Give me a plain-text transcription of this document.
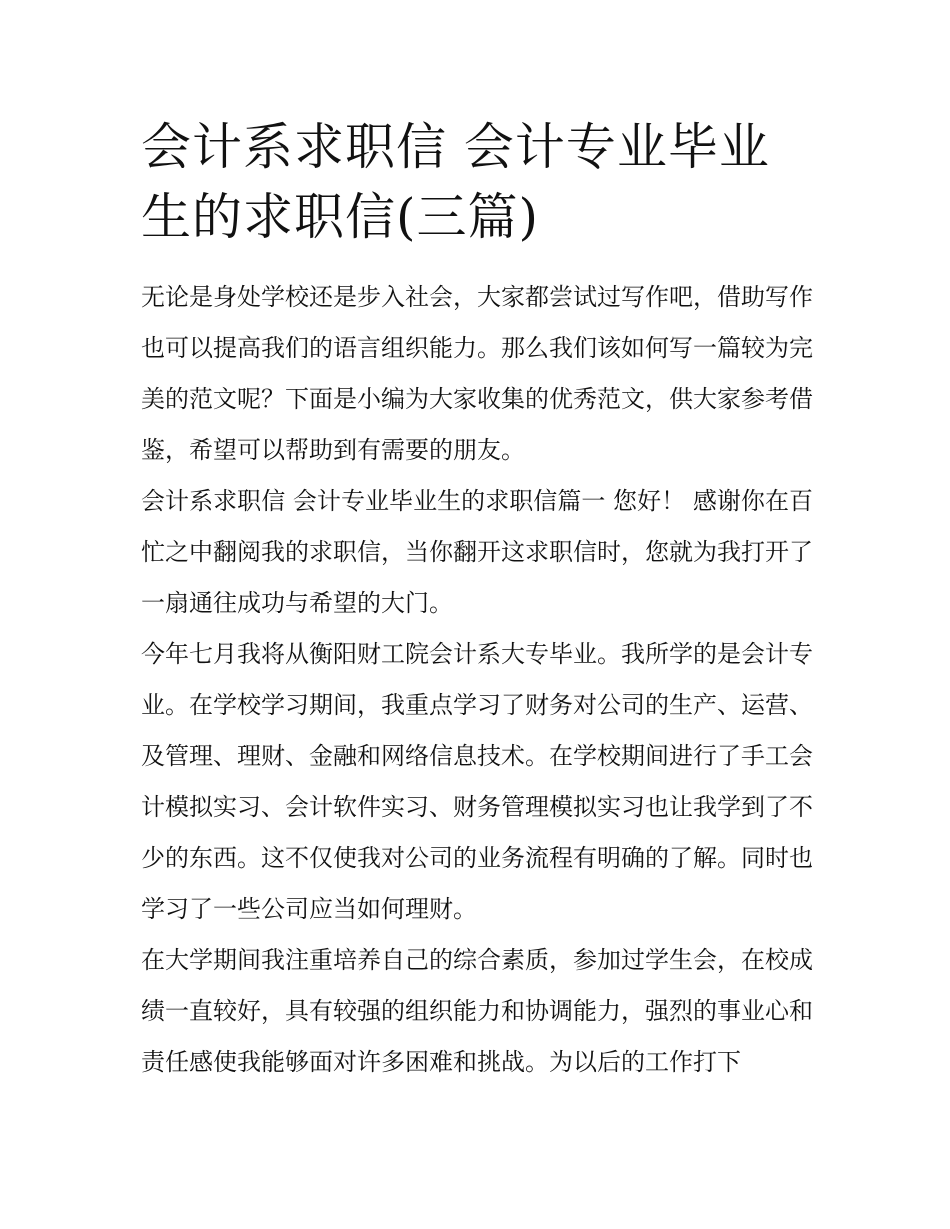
会计系求职信 会计专业毕业生的求职信(三篇)

无论是身处学校还是步入社会，大家都尝试过写作吧，借助写作也可以提高我们的语言组织能力。那么我们该如何写一篇较为完美的范文呢？下面是小编为大家收集的优秀范文，供大家参考借鉴，希望可以帮助到有需要的朋友。

会计系求职信 会计专业毕业生的求职信篇一 您好！ 感谢你在百忙之中翻阅我的求职信，当你翻开这求职信时，您就为我打开了一扇通往成功与希望的大门。

今年七月我将从衡阳财工院会计系大专毕业。我所学的是会计专业。在学校学习期间，我重点学习了财务对公司的生产、运营、及管理、理财、金融和网络信息技术。在学校期间进行了手工会计模拟实习、会计软件实习、财务管理模拟实习也让我学到了不少的东西。这不仅使我对公司的业务流程有明确的了解。同时也学习了一些公司应当如何理财。

在大学期间我注重培养自己的综合素质，参加过学生会，在校成绩一直较好，具有较强的组织能力和协调能力，强烈的事业心和责任感使我能够面对许多困难和挑战。为以后的工作打下
